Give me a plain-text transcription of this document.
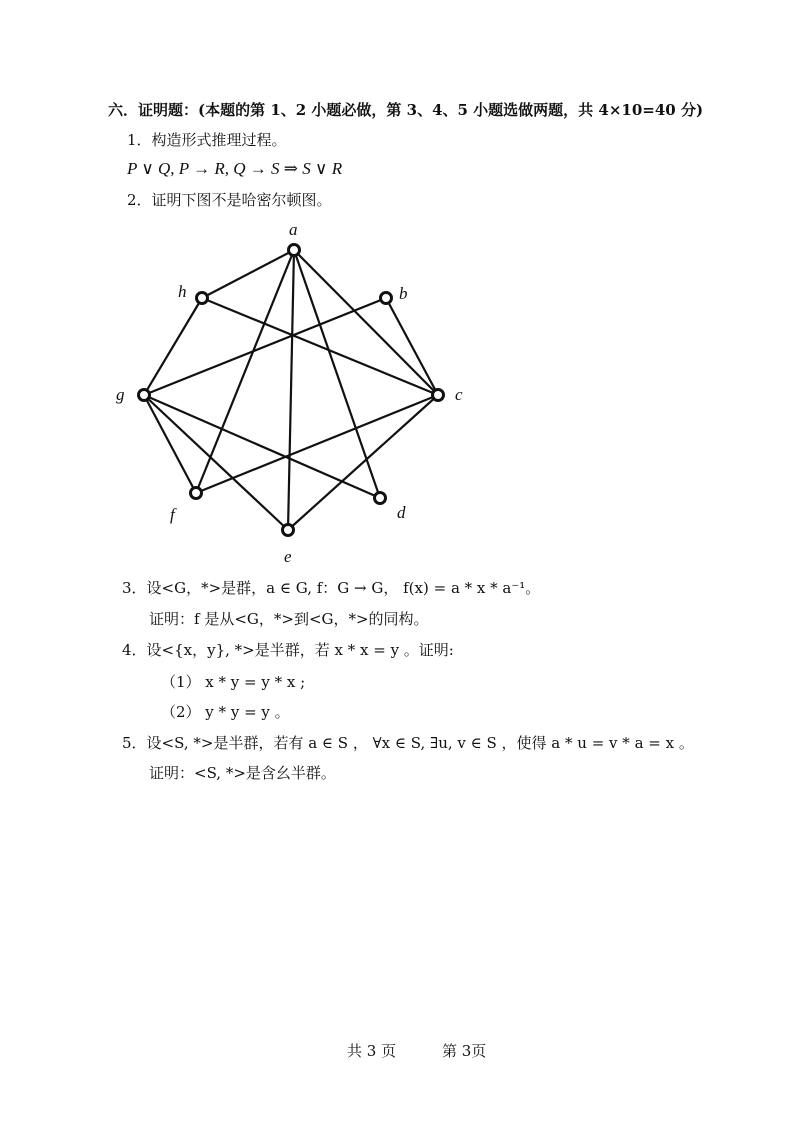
六．证明题：(本题的第 1、2 小题必做，第 3、4、5 小题选做两题，共 4×10=40 分)
1．构造形式推理过程。
P ∨ Q, P → R, Q → S ⇒ S ∨ R
2．证明下图不是哈密尔顿图。
a
b
c
d
e
f
g
h
3．设<G，*>是群，a ∈ G, f：G → G， f(x) = a * x * a⁻¹。
证明：f 是从<G，*>到<G，*>的同构。
4．设<{x，y}, *>是半群，若 x * x = y 。证明:
（1） x * y = y * x ;
（2） y * y = y 。
5．设<S, *>是半群，若有 a ∈ S ， ∀x ∈ S, ∃u, v ∈ S ，使得 a * u = v * a = x 。
证明：<S, *>是含幺半群。
共 3 页	第 3页
